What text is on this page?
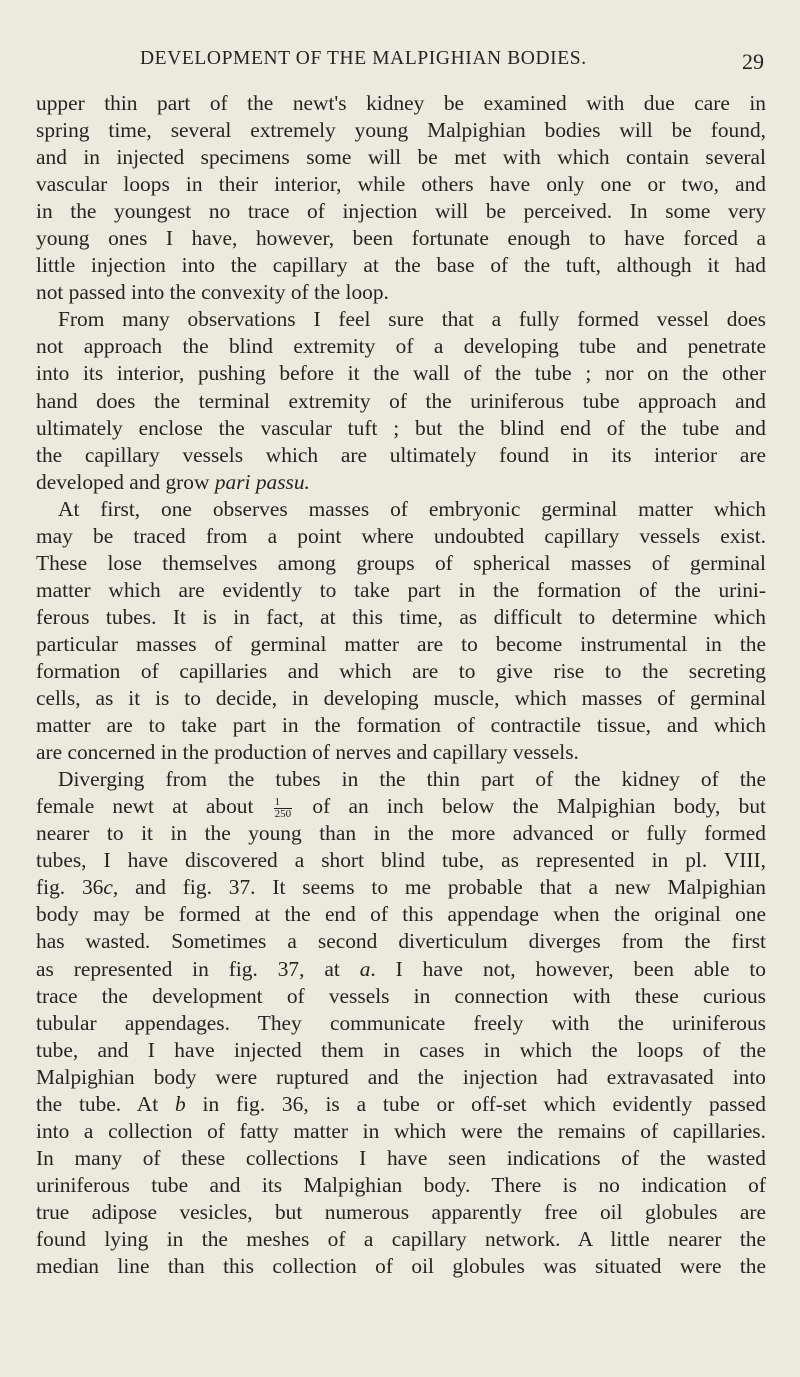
DEVELOPMENT OF THE MALPIGHIAN BODIES.	29
upper thin part of the newt's kidney be examined with due care in
spring time, several extremely young Malpighian bodies will be found,
and in injected specimens some will be met with which contain several
vascular loops in their interior, while others have only one or two, and
in the youngest no trace of injection will be perceived. In some very
young ones I have, however, been fortunate enough to have forced a
little injection into the capillary at the base of the tuft, although it had
not passed into the convexity of the loop.
From many observations I feel sure that a fully formed vessel does
not approach the blind extremity of a developing tube and penetrate
into its interior, pushing before it the wall of the tube ; nor on the other
hand does the terminal extremity of the uriniferous tube approach and
ultimately enclose the vascular tuft ; but the blind end of the tube and
the capillary vessels which are ultimately found in its interior are
developed and grow pari passu.
At first, one observes masses of embryonic germinal matter which
may be traced from a point where undoubted capillary vessels exist.
These lose themselves among groups of spherical masses of germinal
matter which are evidently to take part in the formation of the urini-
ferous tubes. It is in fact, at this time, as difficult to determine which
particular masses of germinal matter are to become instrumental in the
formation of capillaries and which are to give rise to the secreting
cells, as it is to decide, in developing muscle, which masses of germinal
matter are to take part in the formation of contractile tissue, and which
are concerned in the production of nerves and capillary vessels.
Diverging from the tubes in the thin part of the kidney of the
female newt at about $\frac{1}{250}$ of an inch below the Malpighian body, but
nearer to it in the young than in the more advanced or fully formed
tubes, I have discovered a short blind tube, as represented in pl. VIII,
fig. 36c, and fig. 37. It seems to me probable that a new Malpighian
body may be formed at the end of this appendage when the original one
has wasted. Sometimes a second diverticulum diverges from the first
as represented in fig. 37, at a. I have not, however, been able to
trace the development of vessels in connection with these curious
tubular appendages. They communicate freely with the uriniferous
tube, and I have injected them in cases in which the loops of the
Malpighian body were ruptured and the injection had extravasated into
the tube. At b in fig. 36, is a tube or off-set which evidently passed
into a collection of fatty matter in which were the remains of capillaries.
In many of these collections I have seen indications of the wasted
uriniferous tube and its Malpighian body. There is no indication of
true adipose vesicles, but numerous apparently free oil globules are
found lying in the meshes of a capillary network. A little nearer the
median line than this collection of oil globules was situated were the
